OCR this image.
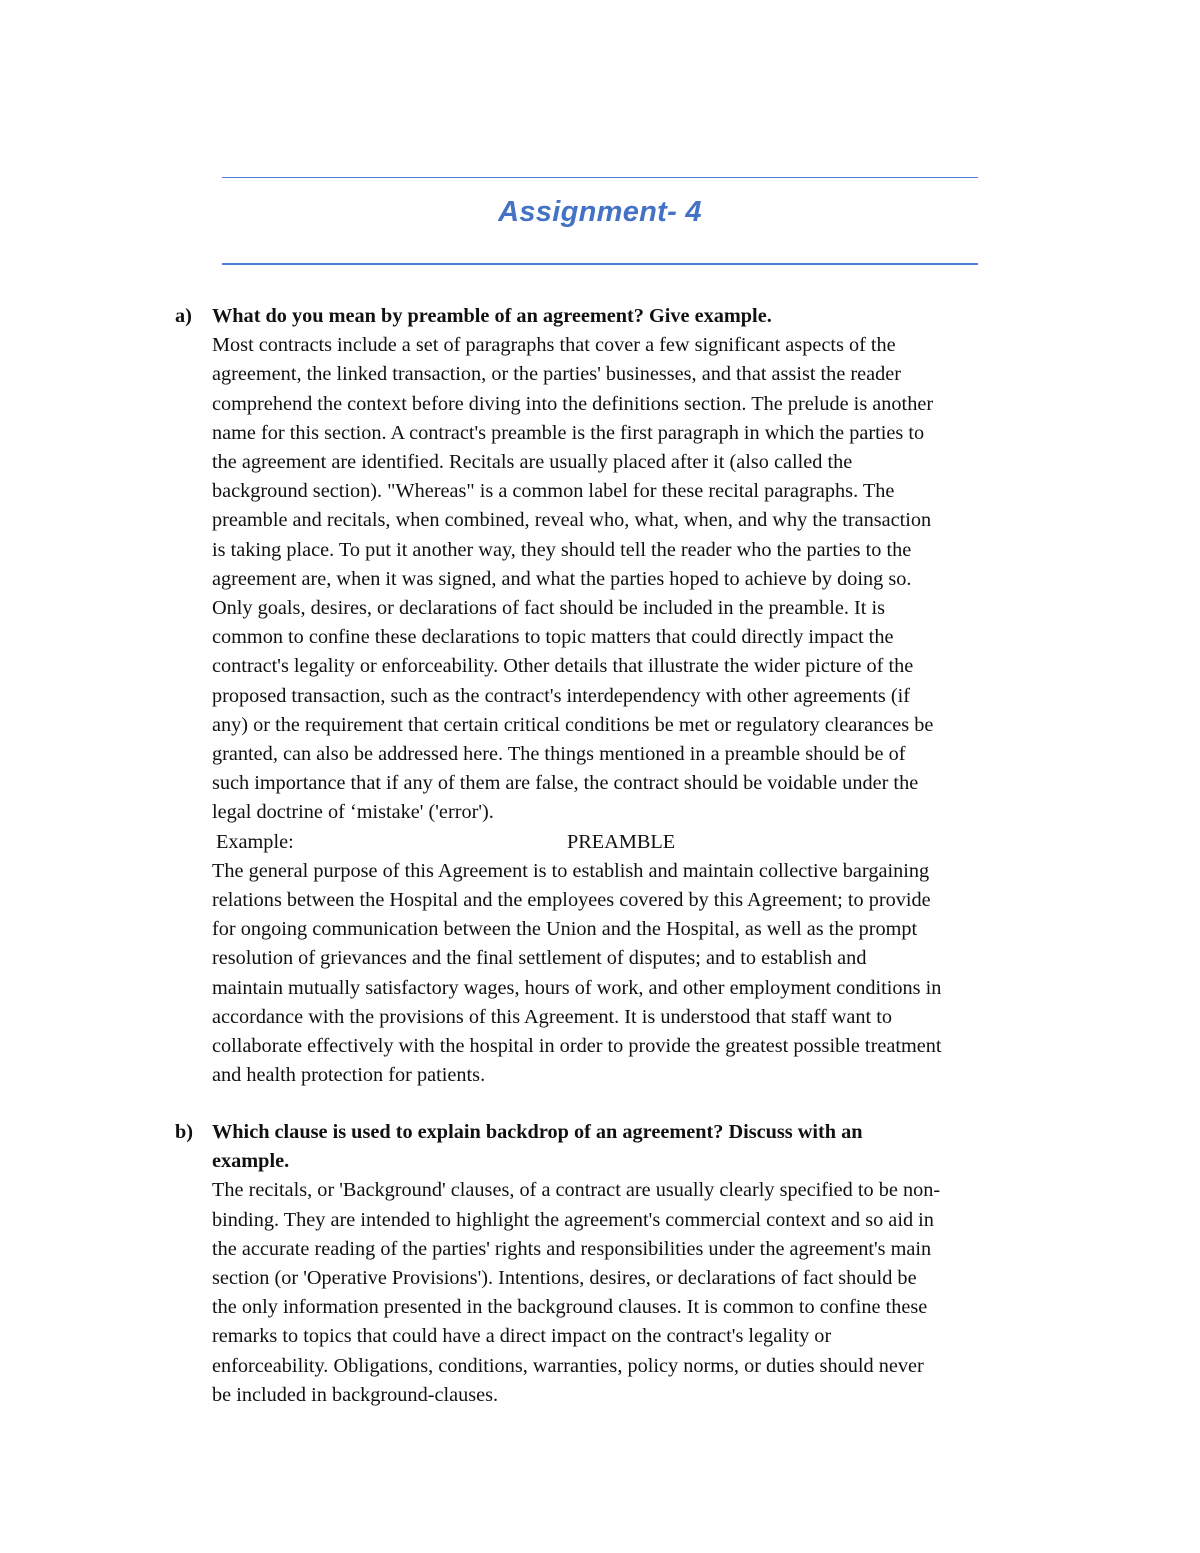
Assignment- 4
a) What do you mean by preamble of an agreement? Give example.
Most contracts include a set of paragraphs that cover a few significant aspects of the
agreement, the linked transaction, or the parties' businesses, and that assist the reader
comprehend the context before diving into the definitions section. The prelude is another
name for this section. A contract's preamble is the first paragraph in which the parties to
the agreement are identified. Recitals are usually placed after it (also called the
background section). "Whereas" is a common label for these recital paragraphs. The
preamble and recitals, when combined, reveal who, what, when, and why the transaction
is taking place. To put it another way, they should tell the reader who the parties to the
agreement are, when it was signed, and what the parties hoped to achieve by doing so.
Only goals, desires, or declarations of fact should be included in the preamble. It is
common to confine these declarations to topic matters that could directly impact the
contract's legality or enforceability. Other details that illustrate the wider picture of the
proposed transaction, such as the contract's interdependency with other agreements (if
any) or the requirement that certain critical conditions be met or regulatory clearances be
granted, can also be addressed here. The things mentioned in a preamble should be of
such importance that if any of them are false, the contract should be voidable under the
legal doctrine of ‘mistake' ('error').
Example:	PREAMBLE
The general purpose of this Agreement is to establish and maintain collective bargaining
relations between the Hospital and the employees covered by this Agreement; to provide
for ongoing communication between the Union and the Hospital, as well as the prompt
resolution of grievances and the final settlement of disputes; and to establish and
maintain mutually satisfactory wages, hours of work, and other employment conditions in
accordance with the provisions of this Agreement. It is understood that staff want to
collaborate effectively with the hospital in order to provide the greatest possible treatment
and health protection for patients.
b) Which clause is used to explain backdrop of an agreement? Discuss with an
example.
The recitals, or 'Background' clauses, of a contract are usually clearly specified to be non-
binding. They are intended to highlight the agreement's commercial context and so aid in
the accurate reading of the parties' rights and responsibilities under the agreement's main
section (or 'Operative Provisions'). Intentions, desires, or declarations of fact should be
the only information presented in the background clauses. It is common to confine these
remarks to topics that could have a direct impact on the contract's legality or
enforceability. Obligations, conditions, warranties, policy norms, or duties should never
be included in background-clauses.
